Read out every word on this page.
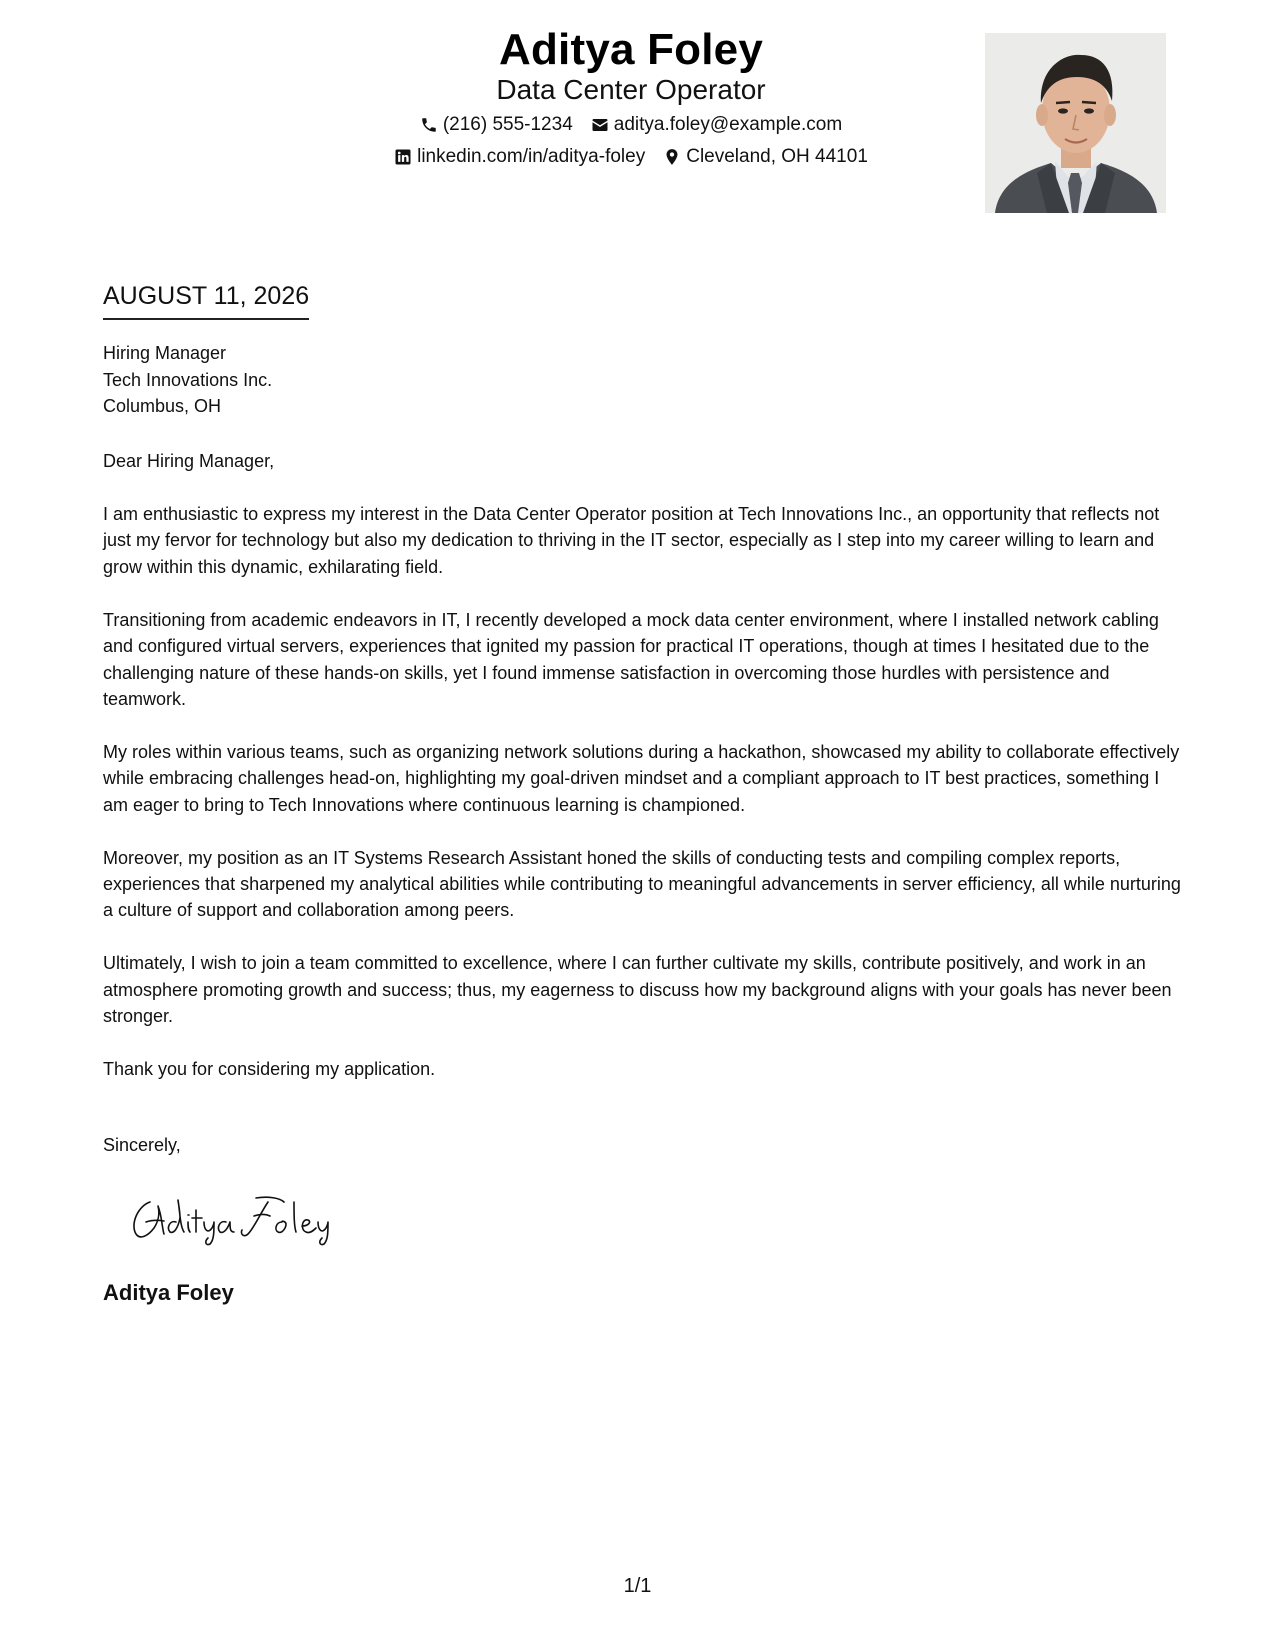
Aditya Foley
Data Center Operator
(216) 555-1234 aditya.foley@example.com
linkedin.com/in/aditya-foley Cleveland, OH 44101
AUGUST 11, 2026
Hiring Manager
Tech Innovations Inc.
Columbus, OH
Dear Hiring Manager,

I am enthusiastic to express my interest in the Data Center Operator position at Tech Innovations Inc., an opportunity that reflects not just my fervor for technology but also my dedication to thriving in the IT sector, especially as I step into my career willing to learn and grow within this dynamic, exhilarating field.

Transitioning from academic endeavors in IT, I recently developed a mock data center environment, where I installed network cabling and configured virtual servers, experiences that ignited my passion for practical IT operations, though at times I hesitated due to the challenging nature of these hands-on skills, yet I found immense satisfaction in overcoming those hurdles with persistence and teamwork.

My roles within various teams, such as organizing network solutions during a hackathon, showcased my ability to collaborate effectively while embracing challenges head-on, highlighting my goal-driven mindset and a compliant approach to IT best practices, something I am eager to bring to Tech Innovations where continuous learning is championed.

Moreover, my position as an IT Systems Research Assistant honed the skills of conducting tests and compiling complex reports, experiences that sharpened my analytical abilities while contributing to meaningful advancements in server efficiency, all while nurturing a culture of support and collaboration among peers.

Ultimately, I wish to join a team committed to excellence, where I can further cultivate my skills, contribute positively, and work in an atmosphere promoting growth and success; thus, my eagerness to discuss how my background aligns with your goals has never been stronger.

Thank you for considering my application.

Sincerely,
Aditya Foley
1/1
